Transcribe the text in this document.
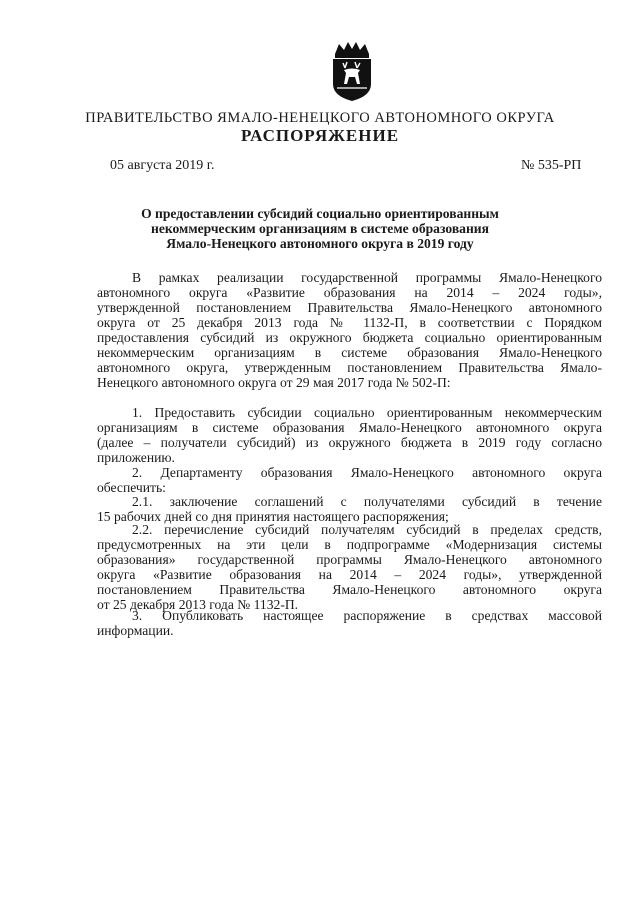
ПРАВИТЕЛЬСТВО ЯМАЛО-НЕНЕЦКОГО АВТОНОМНОГО ОКРУГА
РАСПОРЯЖЕНИЕ
05 августа 2019 г.	№ 535-РП
О предоставлении субсидий социально ориентированным
некоммерческим организациям в системе образования
Ямало-Ненецкого автономного округа в 2019 году
В рамках реализации государственной программы Ямало-Ненецкого
автономного округа «Развитие образования на 2014 – 2024 годы»,
утвержденной постановлением Правительства Ямало-Ненецкого автономного
округа от 25 декабря 2013 года № 1132-П, в соответствии с Порядком
предоставления субсидий из окружного бюджета социально ориентированным
некоммерческим организациям в системе образования Ямало-Ненецкого
автономного округа, утвержденным постановлением Правительства Ямало-
Ненецкого автономного округа от 29 мая 2017 года № 502-П:
1. Предоставить субсидии социально ориентированным некоммерческим
организациям в системе образования Ямало-Ненецкого автономного округа
(далее – получатели субсидий) из окружного бюджета в 2019 году согласно
приложению.
2. Департаменту образования Ямало-Ненецкого автономного округа
обеспечить:
2.1. заключение соглашений с получателями субсидий в течение
15 рабочих дней со дня принятия настоящего распоряжения;
2.2. перечисление субсидий получателям субсидий в пределах средств,
предусмотренных на эти цели в подпрограмме «Модернизация системы
образования» государственной программы Ямало-Ненецкого автономного
округа «Развитие образования на 2014 – 2024 годы», утвержденной
постановлением Правительства Ямало-Ненецкого автономного округа
от 25 декабря 2013 года № 1132-П.
3. Опубликовать настоящее распоряжение в средствах массовой
информации.
